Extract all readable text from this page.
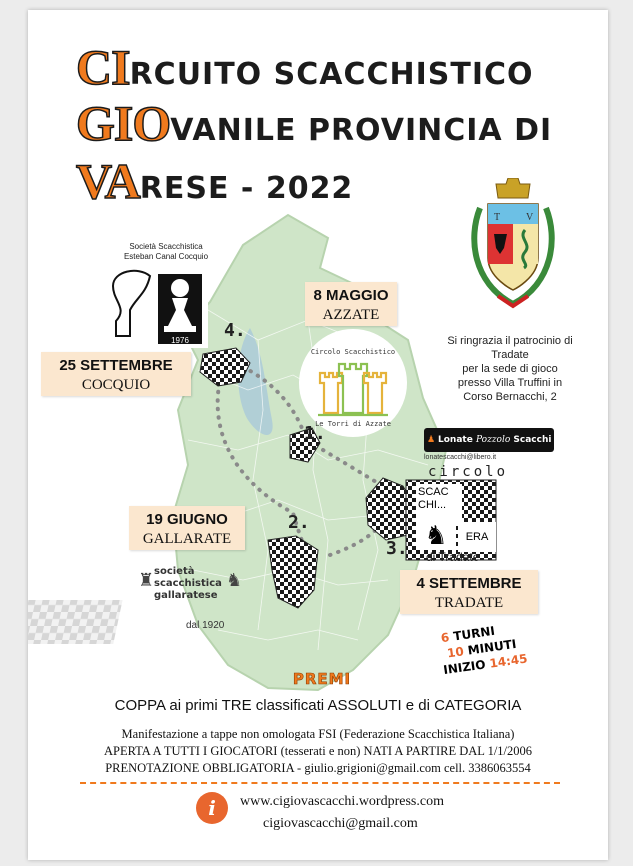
CIRCUITO SCACCHISTICO
GIOVANILE PROVINCIA DI
VARESE - 2022
Società Scacchistica
Esteban Canal Cocquio
1976
8 MAGGIO
AZZATE
25 SETTEMBRE
COCQUIO
19 GIUGNO
GALLARATE
4 SETTEMBRE
TRADATE
4.
1.
2.
3.
Circolo Scacchistico
Le Torri di Azzate
T	V
Si ringrazia il patrocinio di
Tradate
per la sede di gioco
presso Villa Truffini in
Corso Bernacchi, 2
♟ Lonate Pozzolo Scacchi
lonatescacchi@libero.it
circolo
SCAC
CHI...
ERA
♞
di Tradate
♜ società
scacchistica
gallaratese
♞
dal 1920
6 TURNI
10 MINUTI
INIZIO 14:45
PREMI
COPPA ai primi TRE classificati ASSOLUTI e di CATEGORIA
Manifestazione a tappe non omologata FSI (Federazione Scacchistica Italiana)
APERTA A TUTTI I GIOCATORI (tesserati e non) NATI A PARTIRE DAL 1/1/2006
PRENOTAZIONE OBBLIGATORIA - giulio.grigioni@gmail.com cell. 3386063554
i	www.cigiovascacchi.wordpress.com
cigiovascacchi@gmail.com
